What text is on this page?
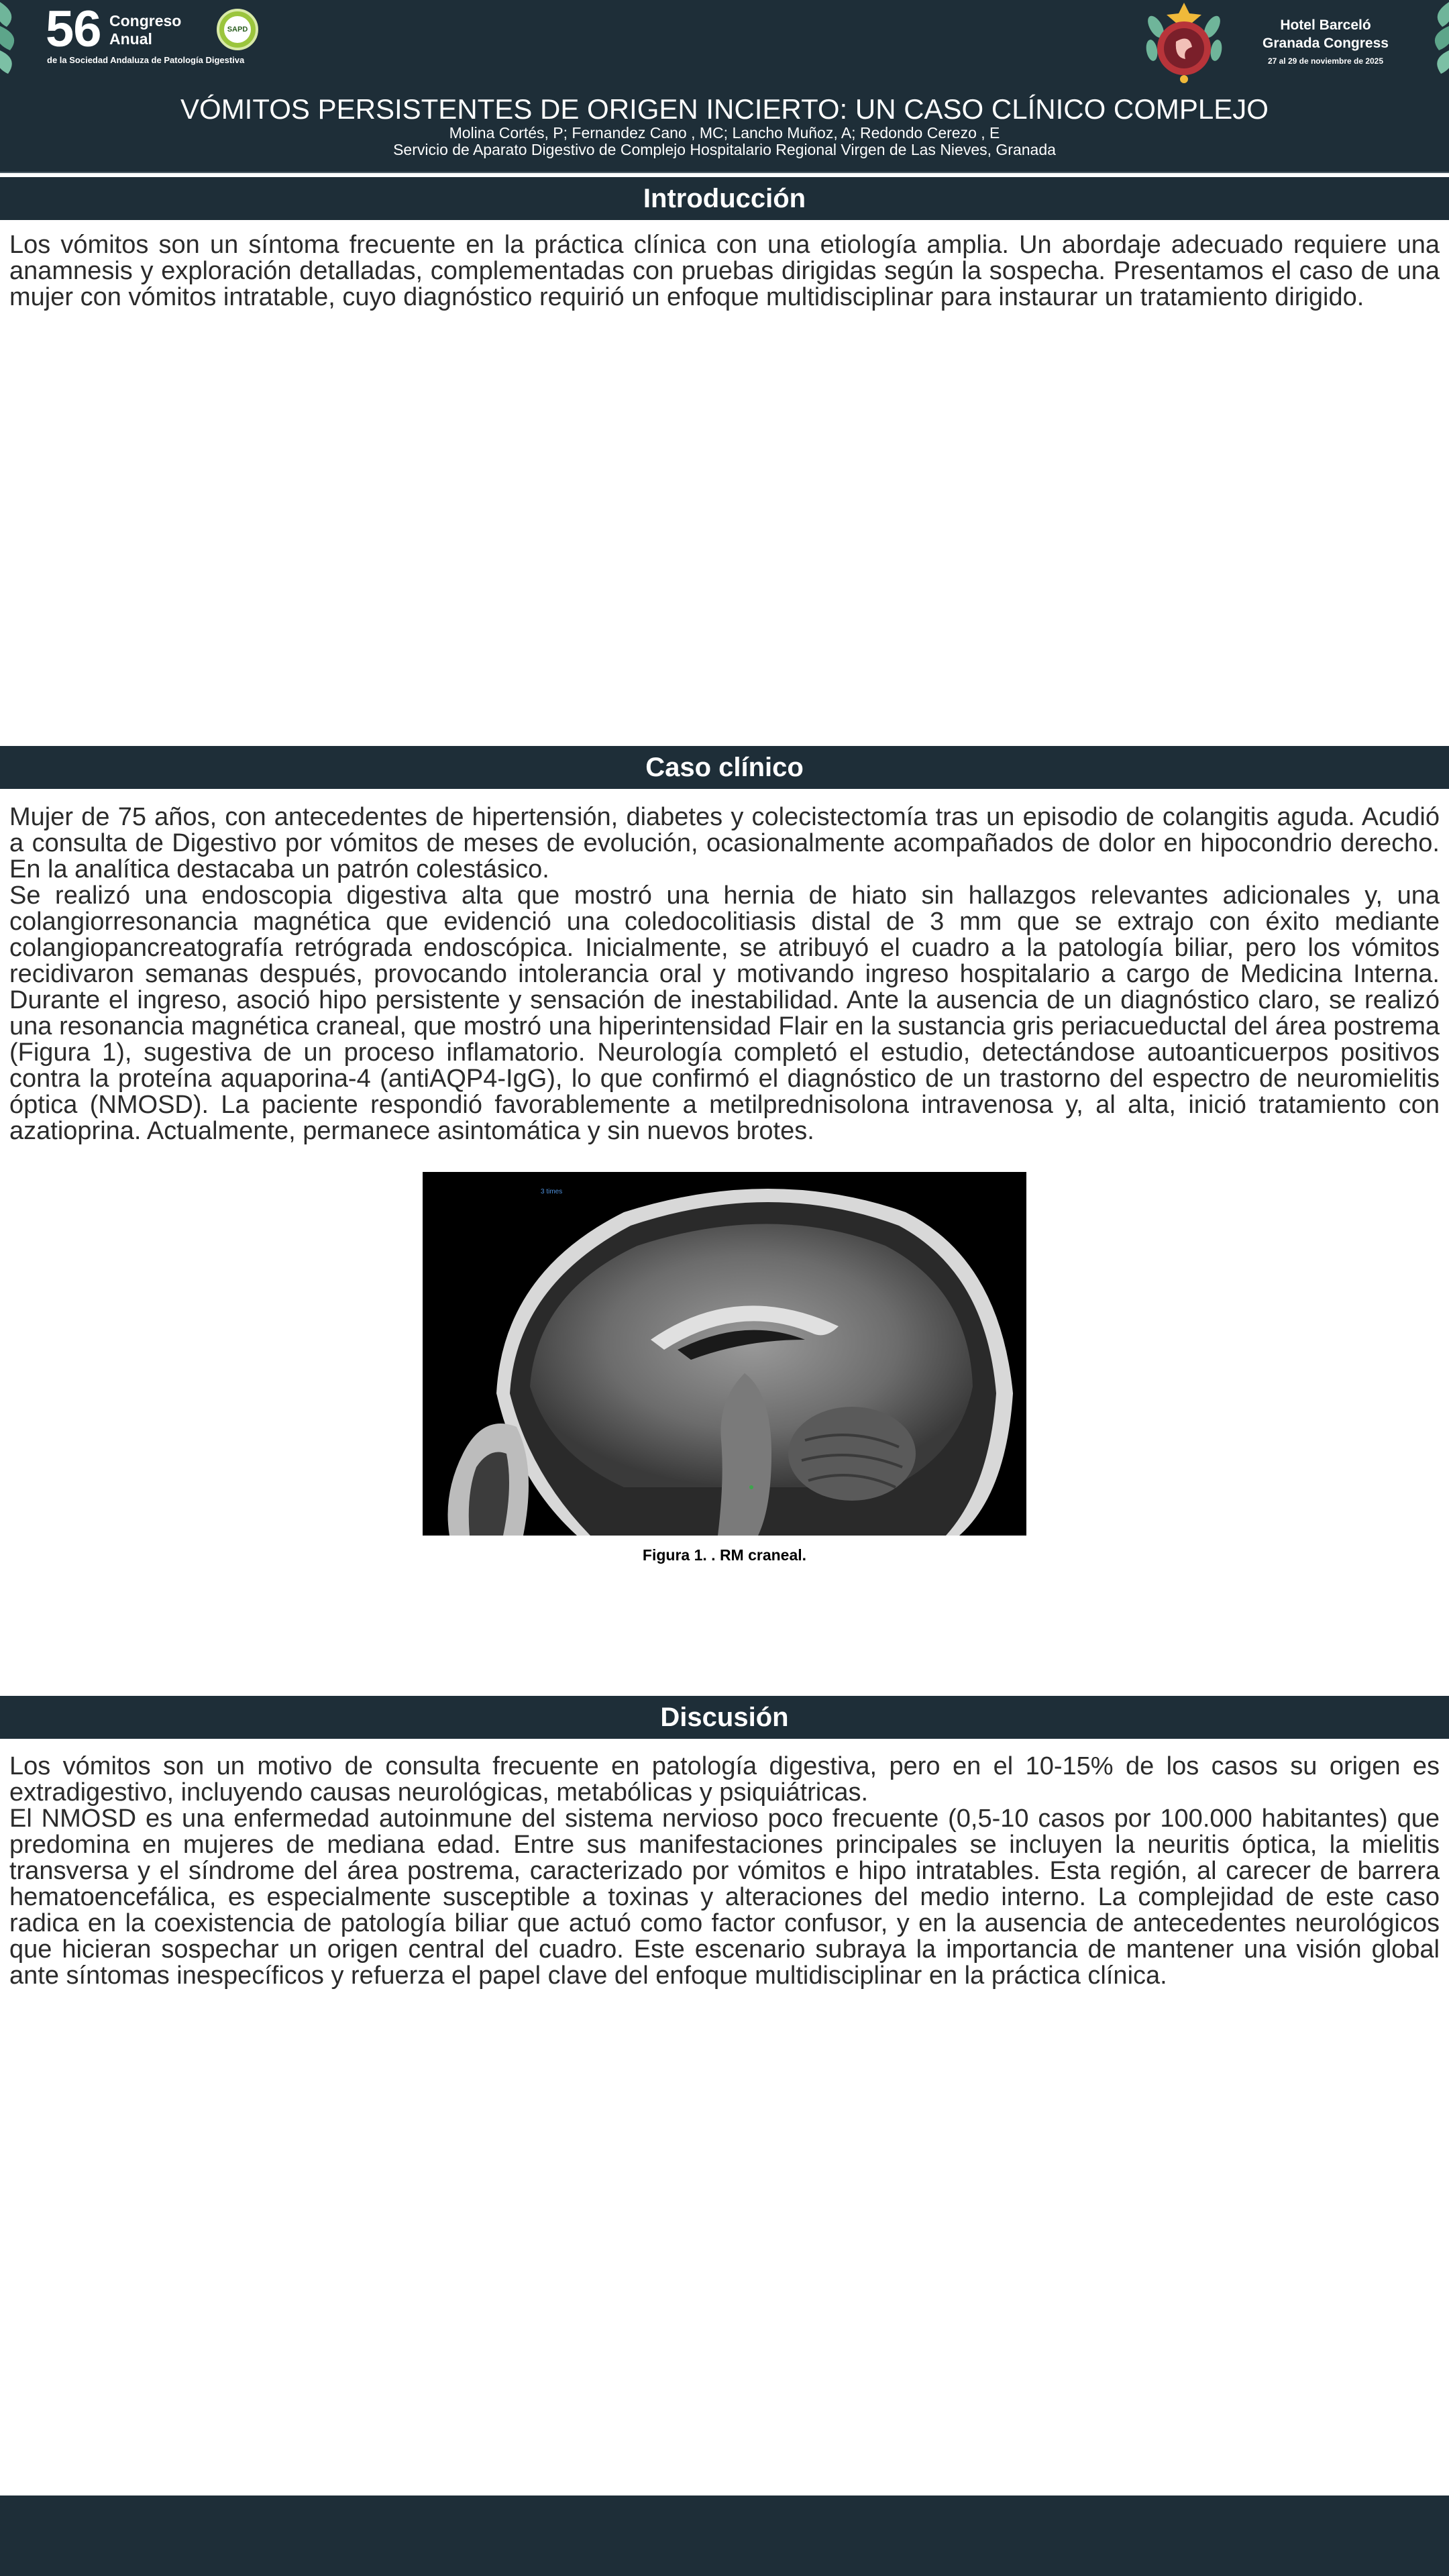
56 Congreso
Anual
de la Sociedad Andaluza de Patología Digestiva
SAPD	Hotel Barceló
Granada Congress
27 al 29 de noviembre de 2025
VÓMITOS PERSISTENTES DE ORIGEN INCIERTO: UN CASO CLÍNICO COMPLEJO
Molina Cortés, P; Fernandez Cano , MC; Lancho Muñoz, A; Redondo Cerezo , E
Servicio de Aparato Digestivo de Complejo Hospitalario Regional Virgen de Las Nieves, Granada
Introducción

Los vómitos son un síntoma frecuente en la práctica clínica con una etiología amplia. Un abordaje adecuado requiere una anamnesis y exploración detalladas, complementadas con pruebas dirigidas según la sospecha. Presentamos el caso de una mujer con vómitos intratable, cuyo diagnóstico requirió un enfoque multidisciplinar para instaurar un tratamiento dirigido.

Caso clínico

Mujer de 75 años, con antecedentes de hipertensión, diabetes y colecistectomía tras un episodio de colangitis aguda. Acudió a consulta de Digestivo por vómitos de meses de evolución, ocasionalmente acompañados de dolor en hipocondrio derecho. En la analítica destacaba un patrón colestásico.

Se realizó una endoscopia digestiva alta que mostró una hernia de hiato sin hallazgos relevantes adicionales y, una colangiorresonancia magnética que evidenció una coledocolitiasis distal de 3 mm que se extrajo con éxito mediante colangiopancreatografía retrógrada endoscópica. Inicialmente, se atribuyó el cuadro a la patología biliar, pero los vómitos recidivaron semanas después, provocando intolerancia oral y motivando ingreso hospitalario a cargo de Medicina Interna. Durante el ingreso, asoció hipo persistente y sensación de inestabilidad. Ante la ausencia de un diagnóstico claro, se realizó una resonancia magnética craneal, que mostró una hiperintensidad Flair en la sustancia gris periacueductal del área postrema (Figura 1), sugestiva de un proceso inflamatorio. Neurología completó el estudio, detectándose autoanticuerpos positivos contra la proteína aquaporina-4 (antiAQP4-IgG), lo que confirmó el diagnóstico de un trastorno del espectro de neuromielitis óptica (NMOSD). La paciente respondió favorablemente a metilprednisolona intravenosa y, al alta, inició tratamiento con azatioprina. Actualmente, permanece asintomática y sin nuevos brotes.

3 times
Figura 1. . RM craneal.
Discusión

Los vómitos son un motivo de consulta frecuente en patología digestiva, pero en el 10-15% de los casos su origen es extradigestivo, incluyendo causas neurológicas, metabólicas y psiquiátricas.

El NMOSD es una enfermedad autoinmune del sistema nervioso poco frecuente (0,5-10 casos por 100.000 habitantes) que predomina en mujeres de mediana edad. Entre sus manifestaciones principales se incluyen la neuritis óptica, la mielitis transversa y el síndrome del área postrema, caracterizado por vómitos e hipo intratables. Esta región, al carecer de barrera hematoencefálica, es especialmente susceptible a toxinas y alteraciones del medio interno. La complejidad de este caso radica en la coexistencia de patología biliar que actuó como factor confusor, y en la ausencia de antecedentes neurológicos que hicieran sospechar un origen central del cuadro. Este escenario subraya la importancia de mantener una visión global ante síntomas inespecíficos y refuerza el papel clave del enfoque multidisciplinar en la práctica clínica.
